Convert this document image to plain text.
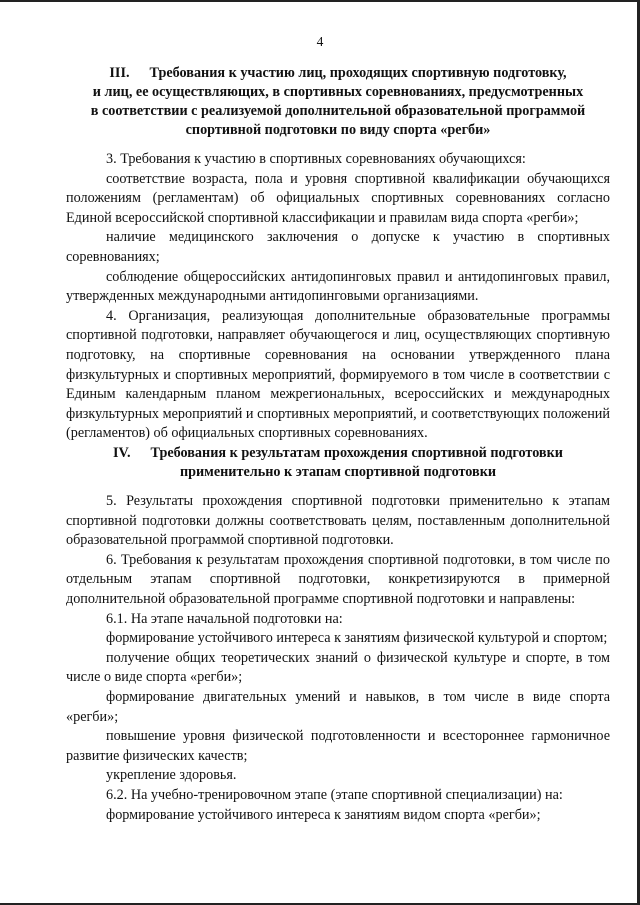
4
III. Требования к участию лиц, проходящих спортивную подготовку,
и лиц, ее осуществляющих, в спортивных соревнованиях, предусмотренных
в соответствии с реализуемой дополнительной образовательной программой
спортивной подготовки по виду спорта «регби»

3. Требования к участию в спортивных соревнованиях обучающихся:

соответствие возраста, пола и уровня спортивной квалификации обучающихся положениям (регламентам) об официальных спортивных соревнованиях согласно Единой всероссийской спортивной классификации и правилам вида спорта «регби»;

наличие медицинского заключения о допуске к участию в спортивных соревнованиях;

соблюдение общероссийских антидопинговых правил и антидопинговых правил, утвержденных международными антидопинговыми организациями.

4. Организация, реализующая дополнительные образовательные программы спортивной подготовки, направляет обучающегося и лиц, осуществляющих спортивную подготовку, на спортивные соревнования на основании утвержденного плана физкультурных и спортивных мероприятий, формируемого в том числе в соответствии с Единым календарным планом межрегиональных, всероссийских и международных физкультурных мероприятий и спортивных мероприятий, и соответствующих положений (регламентов) об официальных спортивных соревнованиях.

IV. Требования к результатам прохождения спортивной подготовки
применительно к этапам спортивной подготовки

5. Результаты прохождения спортивной подготовки применительно к этапам спортивной подготовки должны соответствовать целям, поставленным дополнительной образовательной программой спортивной подготовки.

6. Требования к результатам прохождения спортивной подготовки, в том числе по отдельным этапам спортивной подготовки, конкретизируются в примерной дополнительной образовательной программе спортивной подготовки и направлены:

6.1. На этапе начальной подготовки на:

формирование устойчивого интереса к занятиям физической культурой и спортом;

получение общих теоретических знаний о физической культуре и спорте, в том числе о виде спорта «регби»;

формирование двигательных умений и навыков, в том числе в виде спорта «регби»;

повышение уровня физической подготовленности и всестороннее гармоничное развитие физических качеств;

укрепление здоровья.

6.2. На учебно-тренировочном этапе (этапе спортивной специализации) на:

формирование устойчивого интереса к занятиям видом спорта «регби»;
